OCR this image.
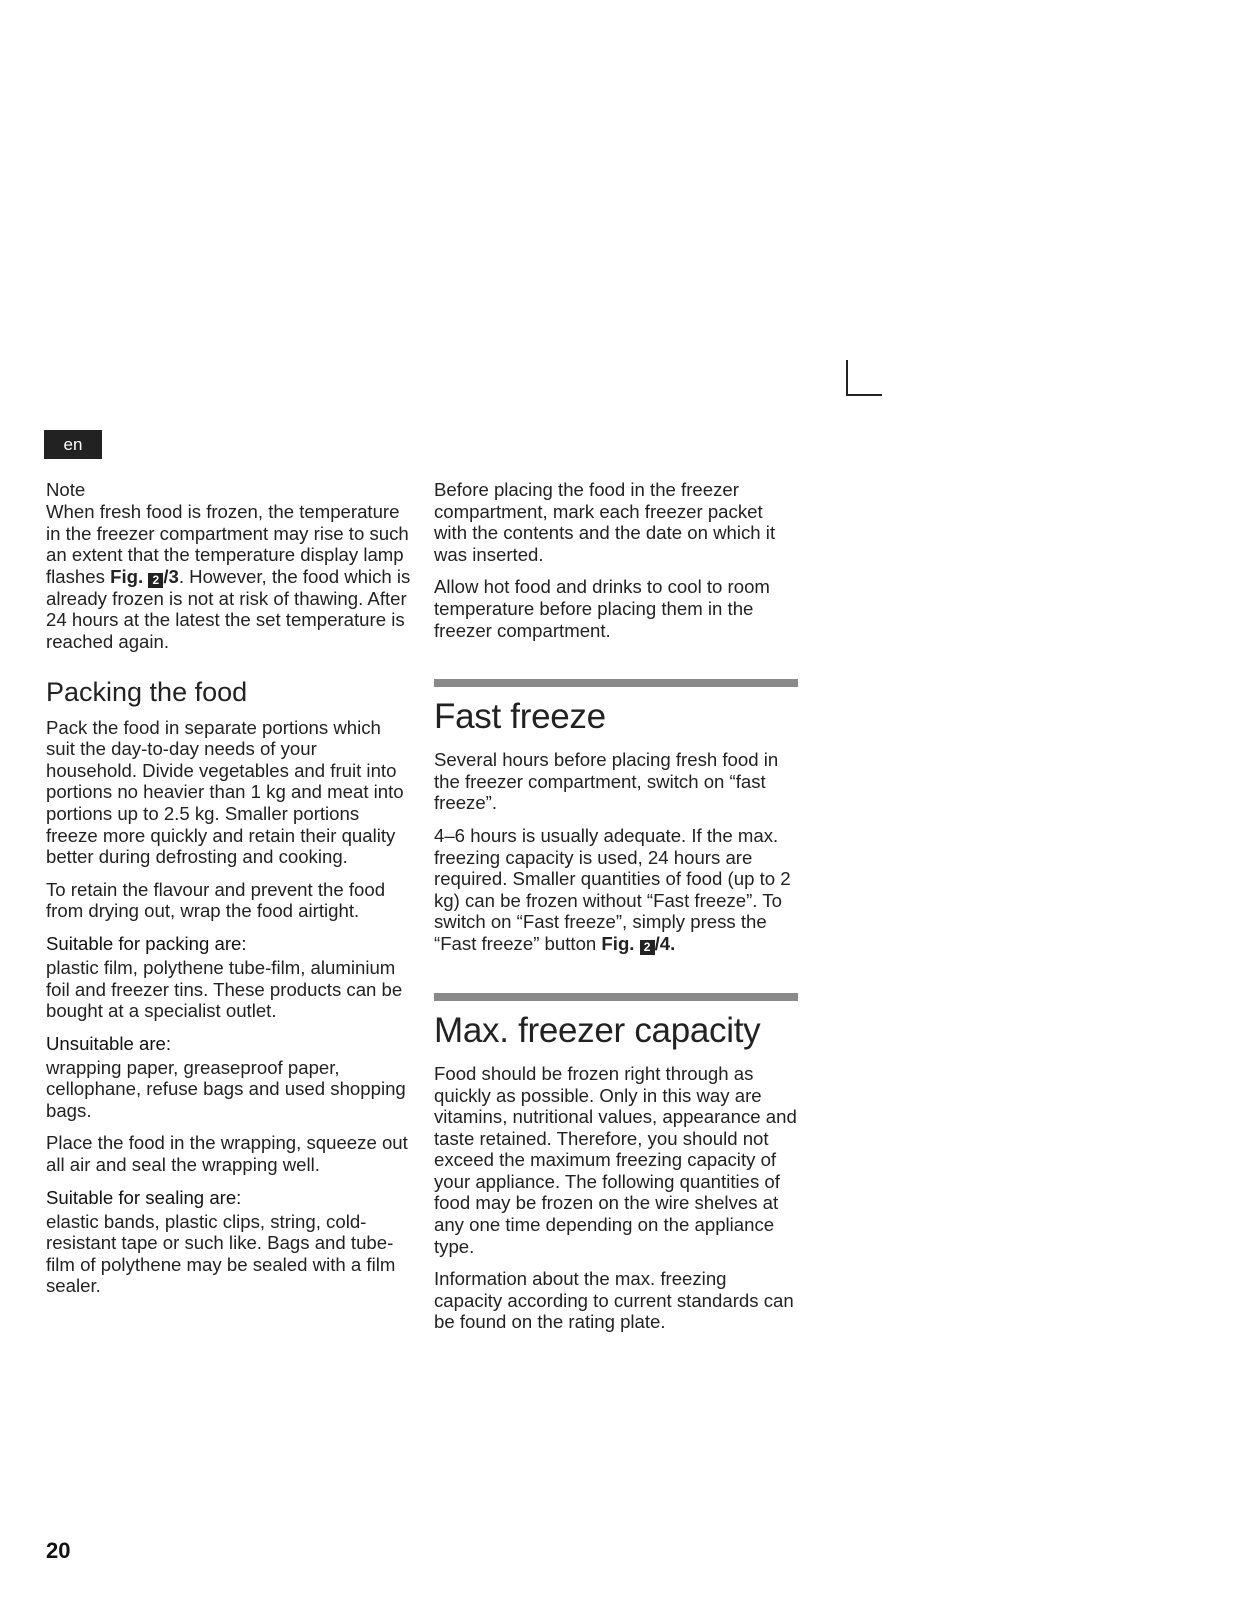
en
Note

When fresh food is frozen, the temperature in the freezer compartment may rise to such an extent that the temperature display lamp flashes Fig. 2 /3. However, the food which is already frozen is not at risk of thawing. After 24 hours at the latest the set temperature is reached again.

Packing the food

Pack the food in separate portions which suit the day-to-day needs of your household. Divide vegetables and fruit into portions no heavier than 1 kg and meat into portions up to 2.5 kg. Smaller portions freeze more quickly and retain their quality better during defrosting and cooking.

To retain the flavour and prevent the food from drying out, wrap the food airtight.

Suitable for packing are:

plastic film, polythene tube-film, aluminium foil and freezer tins. These products can be bought at a specialist outlet.

Unsuitable are:

wrapping paper, greaseproof paper, cellophane, refuse bags and used shopping bags.

Place the food in the wrapping, squeeze out all air and seal the wrapping well.

Suitable for sealing are:

elastic bands, plastic clips, string, cold-resistant tape or such like. Bags and tube-film of polythene may be sealed with a film sealer.

Before placing the food in the freezer compartment, mark each freezer packet with the contents and the date on which it was inserted.

Allow hot food and drinks to cool to room temperature before placing them in the freezer compartment.

Fast freeze

Several hours before placing fresh food in the freezer compartment, switch on “fast freeze”.

4–6 hours is usually adequate. If the max. freezing capacity is used, 24 hours are required. Smaller quantities of food (up to 2 kg) can be frozen without “Fast freeze”. To switch on “Fast freeze”, simply press the “Fast freeze” button Fig. 2 /4.

Max. freezer capacity

Food should be frozen right through as quickly as possible. Only in this way are vitamins, nutritional values, appearance and taste retained. Therefore, you should not exceed the maximum freezing capacity of your appliance. The following quantities of food may be frozen on the wire shelves at any one time depending on the appliance type.

Information about the max. freezing capacity according to current standards can be found on the rating plate.

20
